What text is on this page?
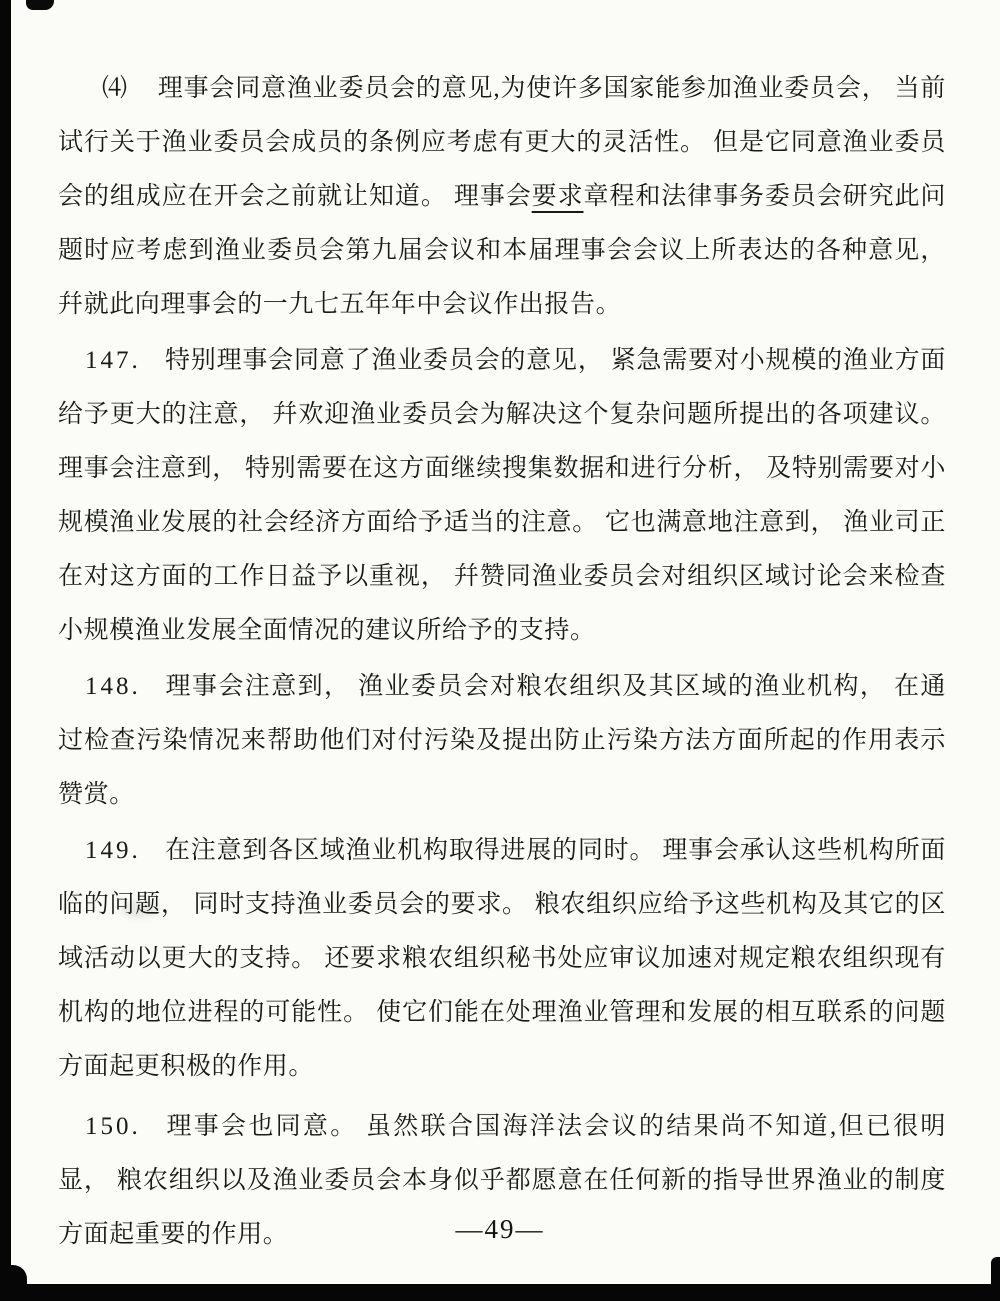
⑷ 理事会同意渔业委员会的意见,为使许多国家能参加渔业委员会， 当前试行关于渔业委员会成员的条例应考虑有更大的灵活性。 但是它同意渔业委员会的组成应在开会之前就让知道。 理事会要求章程和法律事务委员会研究此问题时应考虑到渔业委员会第九届会议和本届理事会会议上所表达的各种意见， 幷就此向理事会的一九七五年年中会议作出报告。

147. 特别理事会同意了渔业委员会的意见， 紧急需要对小规模的渔业方面给予更大的注意， 幷欢迎渔业委员会为解决这个复杂问题所提出的各项建议。 理事会注意到， 特别需要在这方面继续搜集数据和进行分析， 及特别需要对小规模渔业发展的社会经济方面给予适当的注意。 它也满意地注意到， 渔业司正在对这方面的工作日益予以重视， 幷赞同渔业委员会对组织区域讨论会来检查小规模渔业发展全面情况的建议所给予的支持。

148. 理事会注意到， 渔业委员会对粮农组织及其区域的渔业机构， 在通过检查污染情况来帮助他们对付污染及提出防止污染方法方面所起的作用表示赞赏。

149. 在注意到各区域渔业机构取得进展的同时。 理事会承认这些机构所面临的问题， 同时支持渔业委员会的要求。 粮农组织应给予这些机构及其它的区域活动以更大的支持。 还要求粮农组织秘书处应审议加速对规定粮农组织现有机构的地位进程的可能性。 使它们能在处理渔业管理和发展的相互联系的问题方面起更积极的作用。

150. 理事会也同意。 虽然联合国海洋法会议的结果尚不知道,但已很明显， 粮农组织以及渔业委员会本身似乎都愿意在任何新的指导世界渔业的制度方面起重要的作用。	—49—
